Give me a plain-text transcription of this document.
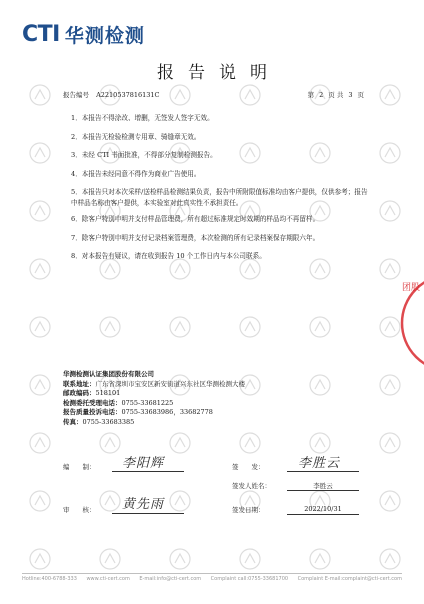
CTI 华测检测
报告说明
报告编号 A2210537816131C	第 2 页 共 3 页
1．本报告不得涂改、增删，无签发人签字无效。
2．本报告无检验检测专用章、骑缝章无效。
3．未经 CTI 书面批准，不得部分复制检测报告。
4．本报告未经同意不得作为商业广告使用。
5．本报告只对本次采样/送检样品检测结果负责，报告中所附限值标准均由客户提供，仅供参考；报告中样品名称由客户提供，本实验室对此真实性不承担责任。
6．除客户特别申明并支付样品管理费，所有超过标准规定时效期的样品均不再留样。
7．除客户特别申明并支付记录档案管理费，本次检测的所有记录档案保存期限六年。
8．对本报告有疑议，请在收到报告 10 个工作日内与本公司联系。
华测检测认证集团股份有限公司
联系地址：广东省深圳市宝安区新安街道兴东社区华测检测大楼
邮政编码：518101
检测委托受理电话：0755-33681225
报告质量投诉电话：0755-33683986，33682778
传真：0755-33683385
编　　制： 李阳辉	签　　发：	李胜云
签发人姓名：	李胜云
审　　核： 黄先雨	签发日期：	2022/10/31
团股
Hotline:400-6788-333 www.cti-cert.com E-mail:info@cti-cert.com Complaint call:0755-33681700 Complaint E-mail:complaint@cti-cert.com
